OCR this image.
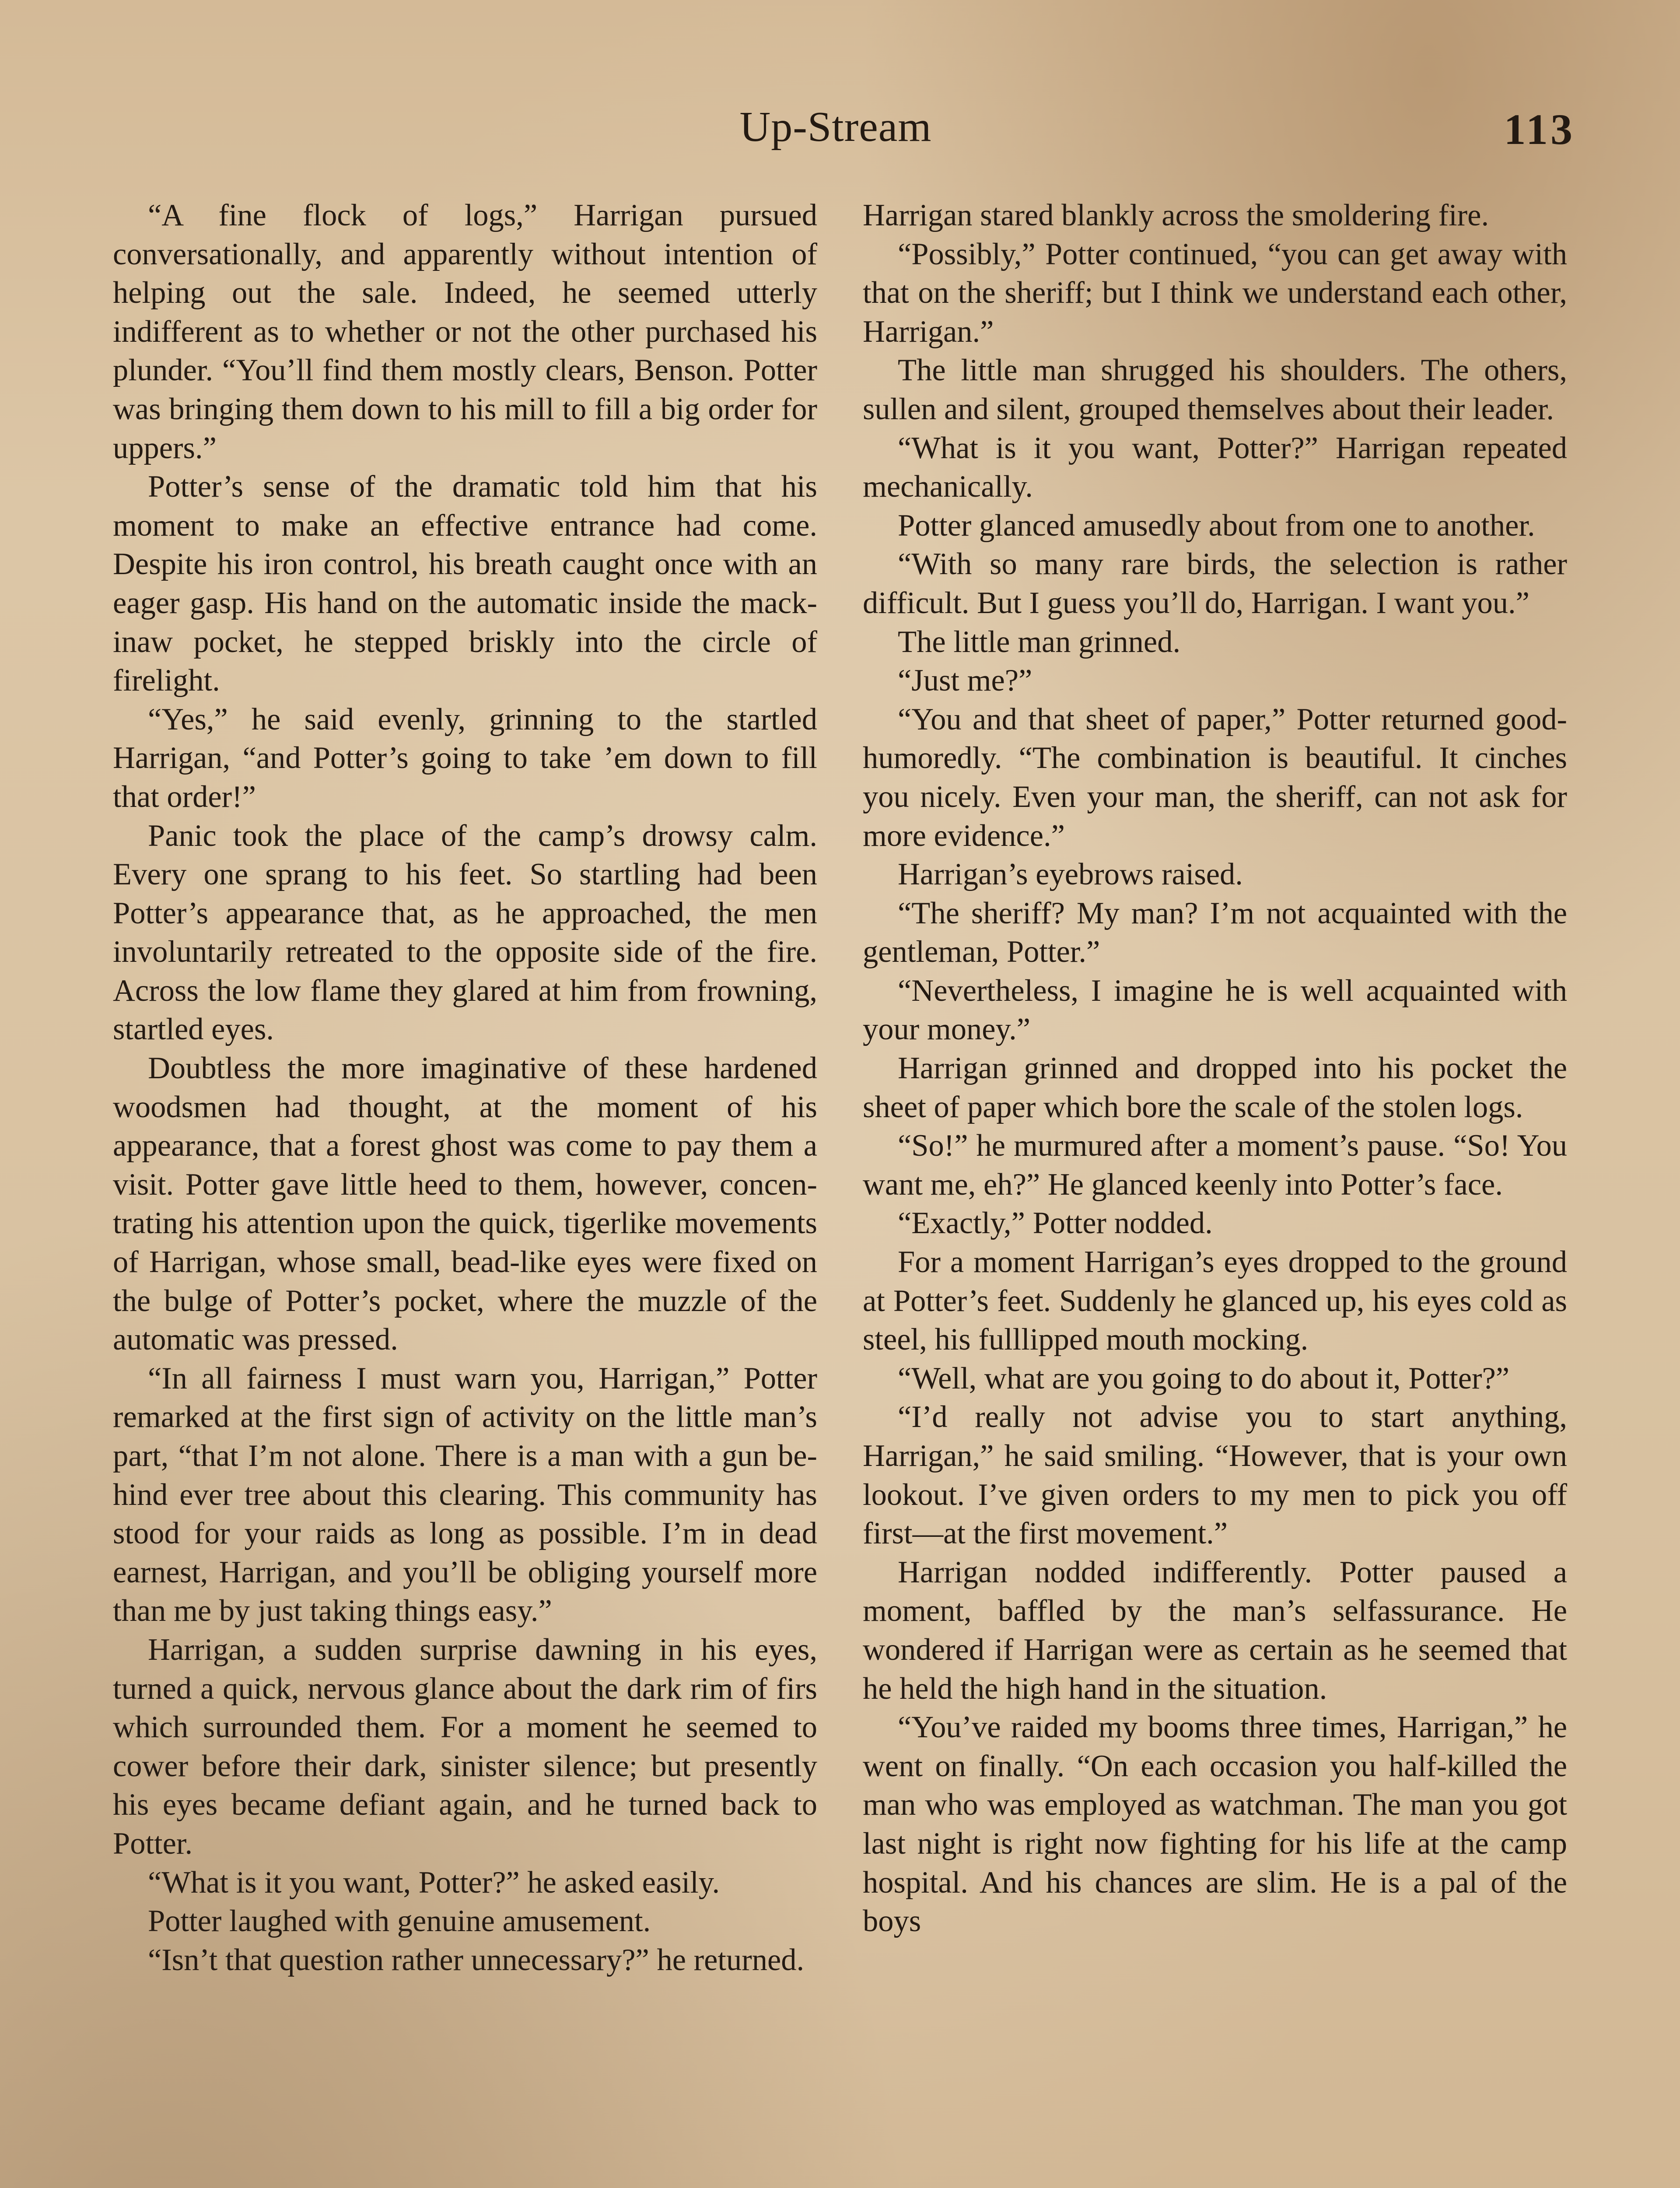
Up-Stream	113

“A fine flock of logs,” Harrigan pursued conversationally, and apparently without intention of helping out the sale. Indeed, he seemed utterly indifferent as to whether or not the other purchased his plunder. “You’ll find them mostly clears, Benson. Potter was bringing them down to his mill to fill a big order for uppers.”

Potter’s sense of the dramatic told him that his moment to make an effective entrance had come. Despite his iron control, his breath caught once with an eager gasp. His hand on the automatic inside the mackinaw pocket, he stepped briskly into the circle of firelight.

“Yes,” he said evenly, grinning to the startled Harrigan, “and Potter’s going to take ’em down to fill that order!”

Panic took the place of the camp’s drowsy calm. Every one sprang to his feet. So startling had been Potter’s appearance that, as he approached, the men involuntarily retreated to the opposite side of the fire. Across the low flame they glared at him from frowning, startled eyes.

Doubtless the more imaginative of these hardened woodsmen had thought, at the moment of his appearance, that a forest ghost was come to pay them a visit. Potter gave little heed to them, however, concentrating his attention upon the quick, tigerlike movements of Harrigan, whose small, bead-like eyes were fixed on the bulge of Potter’s pocket, where the muzzle of the automatic was pressed.

“In all fairness I must warn you, Harrigan,” Potter remarked at the first sign of activity on the little man’s part, “that I’m not alone. There is a man with a gun behind ever tree about this clearing. This community has stood for your raids as long as possible. I’m in dead earnest, Harrigan, and you’ll be obliging yourself more than me by just taking things easy.”

Harrigan, a sudden surprise dawning in his eyes, turned a quick, nervous glance about the dark rim of firs which surrounded them. For a moment he seemed to cower before their dark, sinister silence; but presently his eyes became defiant again, and he turned back to Potter.

“What is it you want, Potter?” he asked easily.

Potter laughed with genuine amusement.

“Isn’t that question rather unnecessary?” he returned.

Harrigan stared blankly across the smoldering fire.

“Possibly,” Potter continued, “you can get away with that on the sheriff; but I think we understand each other, Harrigan.”

The little man shrugged his shoulders. The others, sullen and silent, grouped themselves about their leader.

“What is it you want, Potter?” Harrigan repeated mechanically.

Potter glanced amusedly about from one to another.

“With so many rare birds, the selection is rather difficult. But I guess you’ll do, Harrigan. I want you.”

The little man grinned.

“Just me?”

“You and that sheet of paper,” Potter returned good-humoredly. “The combination is beautiful. It cinches you nicely. Even your man, the sheriff, can not ask for more evidence.”

Harrigan’s eyebrows raised.

“The sheriff? My man? I’m not acquainted with the gentleman, Potter.”

“Nevertheless, I imagine he is well acquainted with your money.”

Harrigan grinned and dropped into his pocket the sheet of paper which bore the scale of the stolen logs.

“So!” he murmured after a moment’s pause. “So! You want me, eh?” He glanced keenly into Potter’s face.

“Exactly,” Potter nodded.

For a moment Harrigan’s eyes dropped to the ground at Potter’s feet. Suddenly he glanced up, his eyes cold as steel, his fulllipped mouth mocking.

“Well, what are you going to do about it, Potter?”

“I’d really not advise you to start anything, Harrigan,” he said smiling. “However, that is your own lookout. I’ve given orders to my men to pick you off first—at the first movement.”

Harrigan nodded indifferently. Potter paused a moment, baffled by the man’s selfassurance. He wondered if Harrigan were as certain as he seemed that he held the high hand in the situation.

“You’ve raided my booms three times, Harrigan,” he went on finally. “On each occasion you half-killed the man who was employed as watchman. The man you got last night is right now fighting for his life at the camp hospital. And his chances are slim. He is a pal of the boys
